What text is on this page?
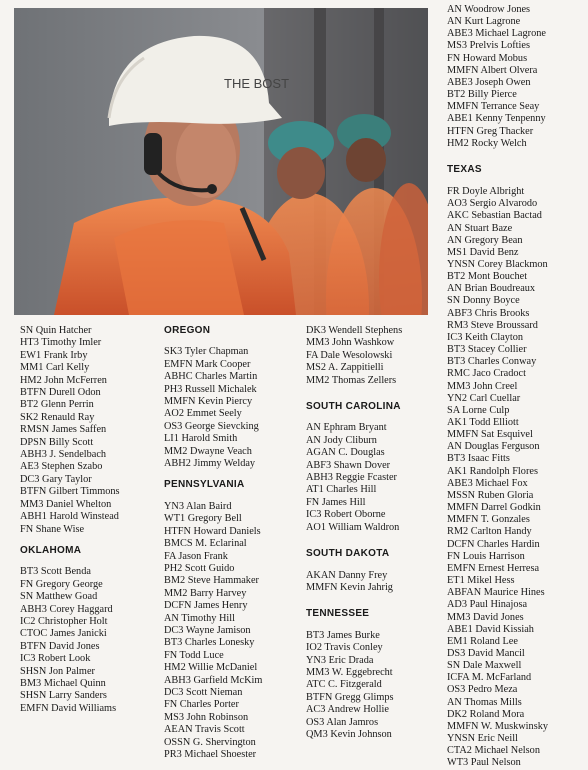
THE BOST
SN Quin Hatcher
HT3 Timothy Imler
EW1 Frank Irby
MM1 Carl Kelly
HM2 John McFerren
BTFN Durell Odon
BT2 Glenn Perrin
SK2 Renauld Ray
RMSN James Saffen
DPSN Billy Scott
ABH3 J. Sendelbach
AE3 Stephen Szabo
DC3 Gary Taylor
BTFN Gilbert Timmons
MM3 Daniel Whelton
ABH1 Harold Winstead
FN Shane Wise
OKLAHOMA
BT3 Scott Benda
FN Gregory George
SN Matthew Goad
ABH3 Corey Haggard
IC2 Christopher Holt
CTOC James Janicki
BTFN David Jones
IC3 Robert Look
SHSN Jon Palmer
BM3 Michael Quinn
SHSN Larry Sanders
EMFN David Williams
OREGON
SK3 Tyler Chapman
EMFN Mark Cooper
ABHC Charles Martin
PH3 Russell Michalek
MMFN Kevin Piercy
AO2 Emmet Seely
OS3 George Sievcking
LI1 Harold Smith
MM2 Dwayne Veach
ABH2 Jimmy Welday
PENNSYLVANIA
YN3 Alan Baird
WT1 Gregory Bell
HTFN Howard Daniels
BMCS M. Eclarinal
FA Jason Frank
PH2 Scott Guido
BM2 Steve Hammaker
MM2 Barry Harvey
DCFN James Henry
AN Timothy Hill
DC3 Wayne Jamison
BT3 Charles Lonesky
FN Todd Luce
HM2 Willie McDaniel
ABH3 Garfield McKim
DC3 Scott Nieman
FN Charles Porter
MS3 John Robinson
AEAN Travis Scott
OSSN G. Shervington
PR3 Michael Shoester
DK3 Wendell Stephens
MM3 John Washkow
FA Dale Wesolowski
MS2 A. Zappitielli
MM2 Thomas Zellers
SOUTH CAROLINA
AN Ephram Bryant
AN Jody Cliburn
AGAN C. Douglas
ABF3 Shawn Dover
ABH3 Reggie Fcaster
AT1 Charles Hill
FN James Hill
IC3 Robert Oborne
AO1 William Waldron
SOUTH DAKOTA
AKAN Danny Frey
MMFN Kevin Jahrig
TENNESSEE
BT3 James Burke
IO2 Travis Conley
YN3 Eric Drada
MM3 W. Eggebrecht
ATC C. Fitzgerald
BTFN Gregg Glimps
AC3 Andrew Hollie
OS3 Alan Jamros
QM3 Kevin Johnson
AN Woodrow Jones
AN Kurt Lagrone
ABE3 Michael Lagrone
MS3 Prelvis Lofties
FN Howard Mobus
MMFN Albert Olvera
ABE3 Joseph Owen
BT2 Billy Pierce
MMFN Terrance Seay
ABE1 Kenny Tenpenny
HTFN Greg Thacker
HM2 Rocky Welch
TEXAS
FR Doyle Albright
AO3 Sergio Alvarodo
AKC Sebastian Bactad
AN Stuart Baze
AN Gregory Bean
MS1 David Benz
YNSN Corey Blackmon
BT2 Mont Bouchet
AN Brian Boudreaux
SN Donny Boyce
ABF3 Chris Brooks
RM3 Steve Broussard
IC3 Keith Clayton
BT3 Stacey Collier
BT3 Charles Conway
RMC Jaco Cradoct
MM3 John Creel
YN2 Carl Cuellar
SA Lorne Culp
AK1 Todd Elliott
MMFN Sat Esquivel
AN Douglas Ferguson
BT3 Isaac Fitts
AK1 Randolph Flores
ABE3 Michael Fox
MSSN Ruben Gloria
MMFN Darrel Godkin
MMFN T. Gonzales
RM2 Carlton Handy
DCFN Charles Hardin
FN Louis Harrison
EMFN Ernest Herresa
ET1 Mikel Hess
ABFAN Maurice Hines
AD3 Paul Hinajosa
MM3 David Jones
ABE1 David Kissiah
EM1 Roland Lee
DS3 David Mancil
SN Dale Maxwell
ICFA M. McFarland
OS3 Pedro Meza
AN Thomas Mills
DK2 Roland Mora
MMFN W. Muskwinsky
YNSN Eric Neill
CTA2 Michael Nelson
WT3 Paul Nelson
